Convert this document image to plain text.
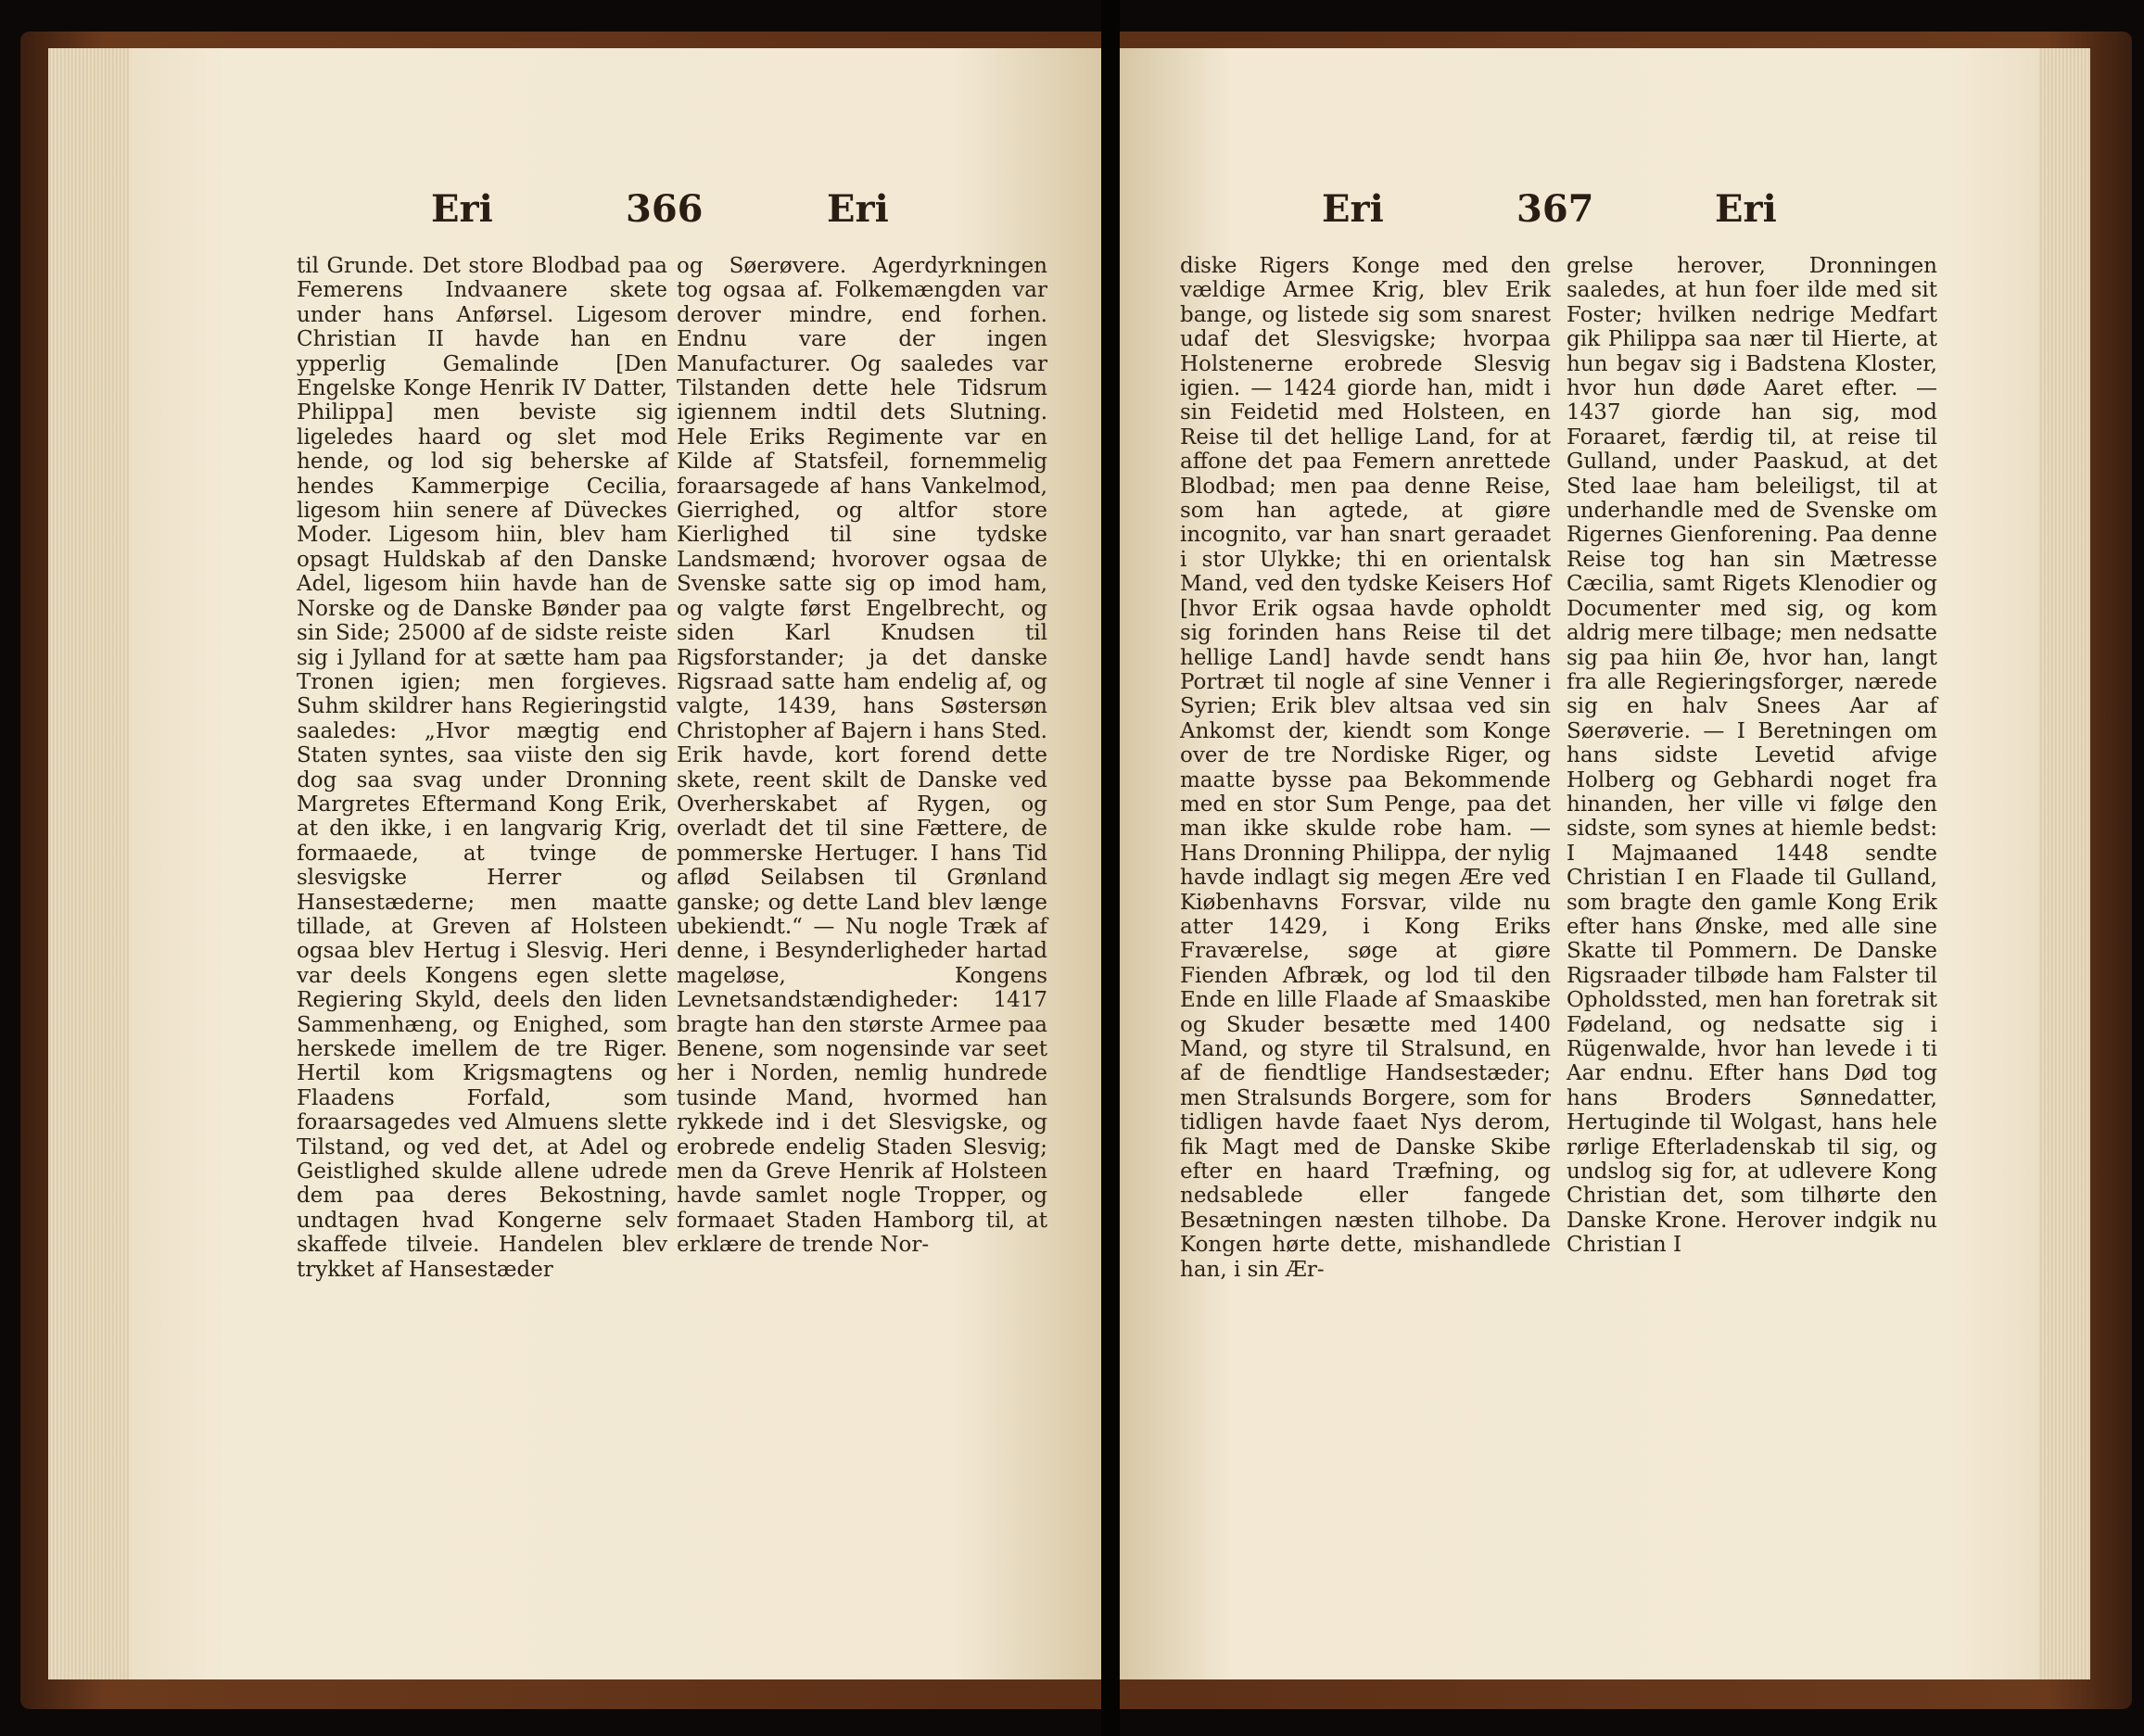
Eri	366	Eri

til Grunde. Det store Blodbad paa Femerens Indvaanere skete under hans Anførsel. Ligesom Christian II havde han en ypperlig Gemalinde [Den Engelske Konge Henrik IV Datter, Philippa] men beviste sig ligeledes haard og slet mod hende, og lod sig beherske af hendes Kammerpige Cecilia, ligesom hiin senere af Düveckes Moder. Ligesom hiin, blev ham opsagt Huldskab af den Danske Adel, ligesom hiin havde han de Norske og de Danske Bønder paa sin Side; 25000 af de sidste reiste sig i Jylland for at sætte ham paa Tronen igien; men forgieves. Suhm skildrer hans Regieringstid saaledes: „Hvor mægtig end Staten syntes, saa viiste den sig dog saa svag under Dronning Margretes Eftermand Kong Erik, at den ikke, i en langvarig Krig, formaaede, at tvinge de slesvigske Herrer og Hansestæderne; men maatte tillade, at Greven af Holsteen ogsaa blev Hertug i Slesvig. Heri var deels Kongens egen slette Regiering Skyld, deels den liden Sammenhæng, og Enighed, som herskede imellem de tre Riger. Hertil kom Krigsmagtens og Flaadens Forfald, som foraarsagedes ved Almuens slette Tilstand, og ved det, at Adel og Geistlighed skulde allene udrede dem paa deres Bekostning, undtagen hvad Kongerne selv skaffede tilveie. Handelen blev trykket af Hansestæder

og Søerøvere. Agerdyrkningen tog ogsaa af. Folkemængden var derover mindre, end forhen. Endnu vare der ingen Manufacturer. Og saaledes var Tilstanden dette hele Tidsrum igiennem indtil dets Slutning. Hele Eriks Regimente var en Kilde af Statsfeil, fornemmelig foraarsagede af hans Vankelmod, Gierrighed, og altfor store Kierlighed til sine tydske Landsmænd; hvorover ogsaa de Svenske satte sig op imod ham, og valgte først Engelbrecht, og siden Karl Knudsen til Rigsforstander; ja det danske Rigsraad satte ham endelig af, og valgte, 1439, hans Søstersøn Christopher af Bajern i hans Sted. Erik havde, kort forend dette skete, reent skilt de Danske ved Overherskabet af Rygen, og overladt det til sine Fættere, de pommerske Hertuger. I hans Tid aflød Seilabsen til Grønland ganske; og dette Land blev længe ubekiendt.“ — Nu nogle Træk af denne, i Besynderligheder hartad mageløse, Kongens Levnetsandstændigheder: 1417 bragte han den største Armee paa Benene, som nogensinde var seet her i Norden, nemlig hundrede tusinde Mand, hvormed han rykkede ind i det Slesvigske, og erobrede endelig Staden Slesvig; men da Greve Henrik af Holsteen havde samlet nogle Tropper, og formaaet Staden Hamborg til, at erklære de trende Nor-

Eri	367	Eri

diske Rigers Konge med den vældige Armee Krig, blev Erik bange, og listede sig som snarest udaf det Slesvigske; hvorpaa Holstenerne erobrede Slesvig igien. — 1424 giorde han, midt i sin Feidetid med Holsteen, en Reise til det hellige Land, for at affone det paa Femern anrettede Blodbad; men paa denne Reise, som han agtede, at giøre incognito, var han snart geraadet i stor Ulykke; thi en orientalsk Mand, ved den tydske Keisers Hof [hvor Erik ogsaa havde opholdt sig forinden hans Reise til det hellige Land] havde sendt hans Portræt til nogle af sine Venner i Syrien; Erik blev altsaa ved sin Ankomst der, kiendt som Konge over de tre Nordiske Riger, og maatte bysse paa Bekommende med en stor Sum Penge, paa det man ikke skulde robe ham. — Hans Dronning Philippa, der nylig havde indlagt sig megen Ære ved Kiøbenhavns Forsvar, vilde nu atter 1429, i Kong Eriks Fraværelse, søge at giøre Fienden Afbræk, og lod til den Ende en lille Flaade af Smaaskibe og Skuder besætte med 1400 Mand, og styre til Stralsund, en af de fiendtlige Handsestæder; men Stralsunds Borgere, som for tidligen havde faaet Nys derom, fik Magt med de Danske Skibe efter en haard Træfning, og nedsablede eller fangede Besætningen næsten tilhobe. Da Kongen hørte dette, mishandlede han, i sin Ær-

grelse herover, Dronningen saaledes, at hun foer ilde med sit Foster; hvilken nedrige Medfart gik Philippa saa nær til Hierte, at hun begav sig i Badstena Kloster, hvor hun døde Aaret efter. — 1437 giorde han sig, mod Foraaret, færdig til, at reise til Gulland, under Paaskud, at det Sted laae ham beleiligst, til at underhandle med de Svenske om Rigernes Gienforening. Paa denne Reise tog han sin Mætresse Cæcilia, samt Rigets Klenodier og Documenter med sig, og kom aldrig mere tilbage; men nedsatte sig paa hiin Øe, hvor han, langt fra alle Regieringsforger, nærede sig en halv Snees Aar af Søerøverie. — I Beretningen om hans sidste Levetid afvige Holberg og Gebhardi noget fra hinanden, her ville vi følge den sidste, som synes at hiemle bedst: I Majmaaned 1448 sendte Christian I en Flaade til Gulland, som bragte den gamle Kong Erik efter hans Ønske, med alle sine Skatte til Pommern. De Danske Rigsraader tilbøde ham Falster til Opholdssted, men han foretrak sit Fødeland, og nedsatte sig i Rügenwalde, hvor han levede i ti Aar endnu. Efter hans Død tog hans Broders Sønnedatter, Hertuginde til Wolgast, hans hele rørlige Efterladenskab til sig, og undslog sig for, at udlevere Kong Christian det, som tilhørte den Danske Krone. Herover indgik nu Christian I
